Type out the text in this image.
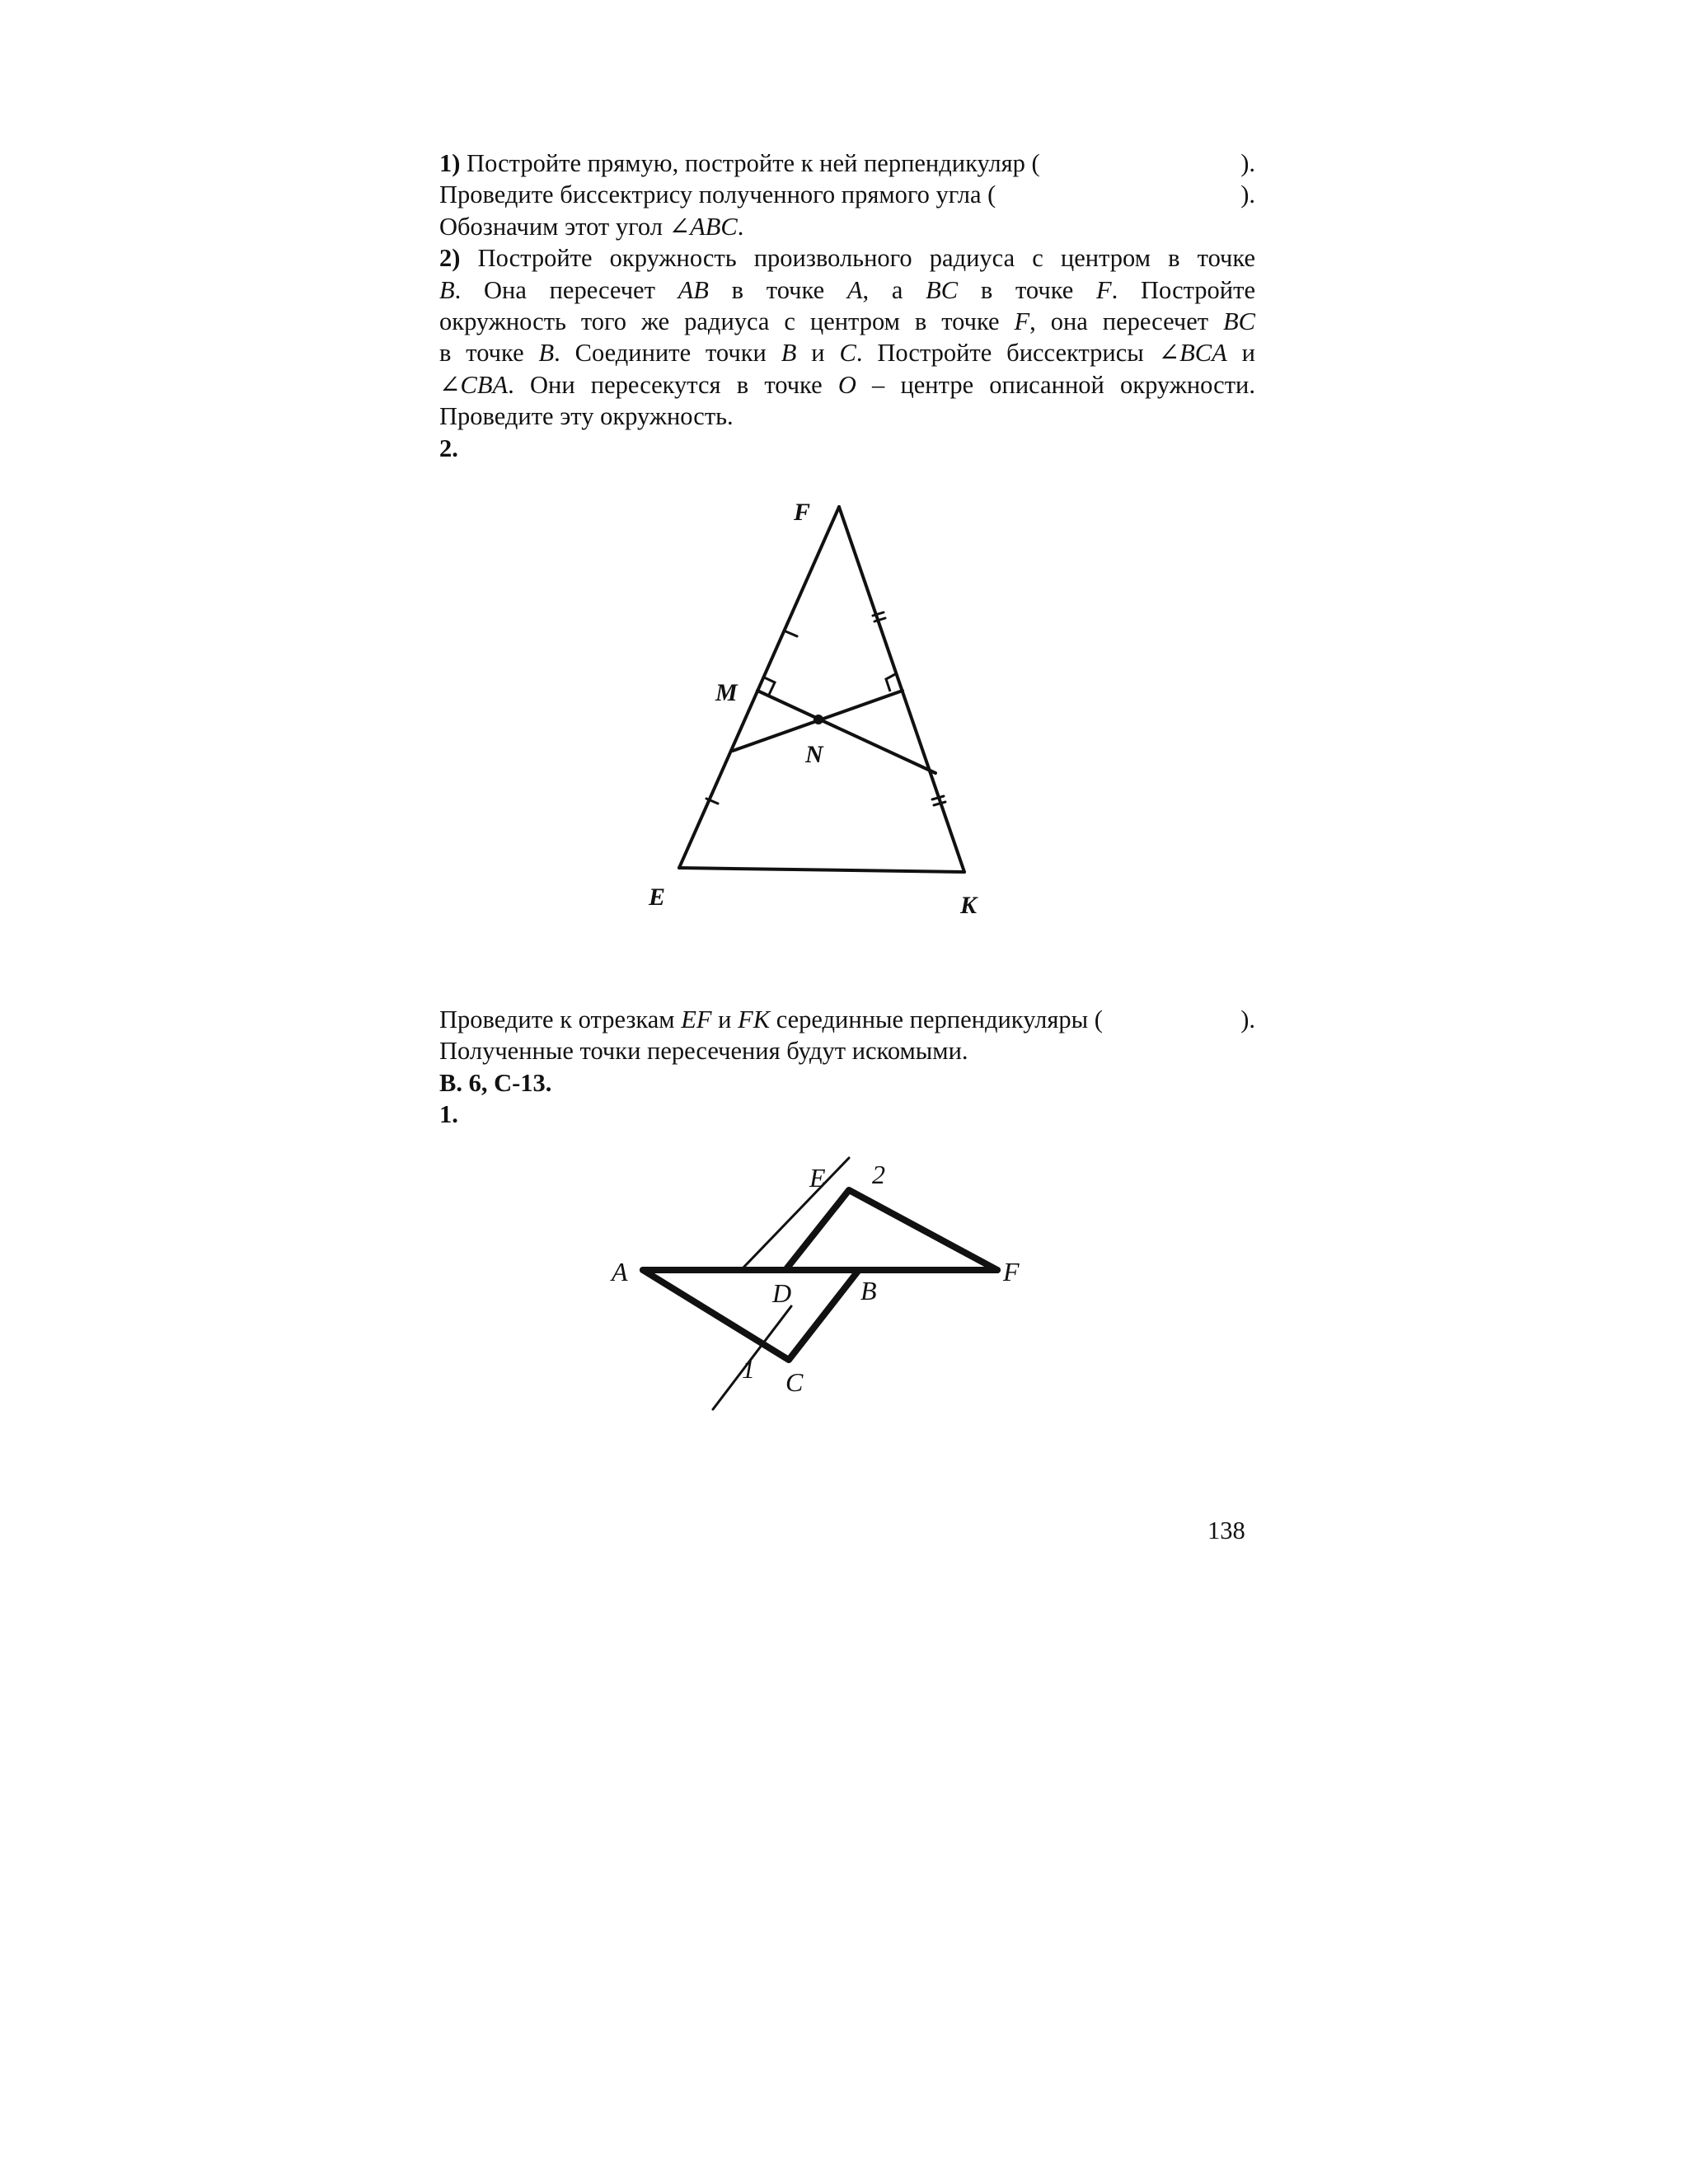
1) Постройте прямую, постройте к ней перпендикуляр (	).
Проведите биссектрису полученного прямого угла (	).
Обозначим этот угол ∠ABC.
2) Постройте окружность произвольного радиуса с центром в точке
B. Она пересечет AB в точке A, а BC в точке F. Постройте
окружность того же радиуса с центром в точке F, она пересечет BC
в точке B. Соедините точки B и C. Постройте биссектрисы ∠BCA и
∠CBA. Они пересекутся в точке O – центре описанной окружности.
Проведите эту окружность.
2.
F
M
N
E	K
Проведите к отрезкам EF и FK серединные перпендикуляры (	).
Полученные точки пересечения будут искомыми.
В. 6, С-13.
1.
A
D	B
F
E
C
1
2
138
